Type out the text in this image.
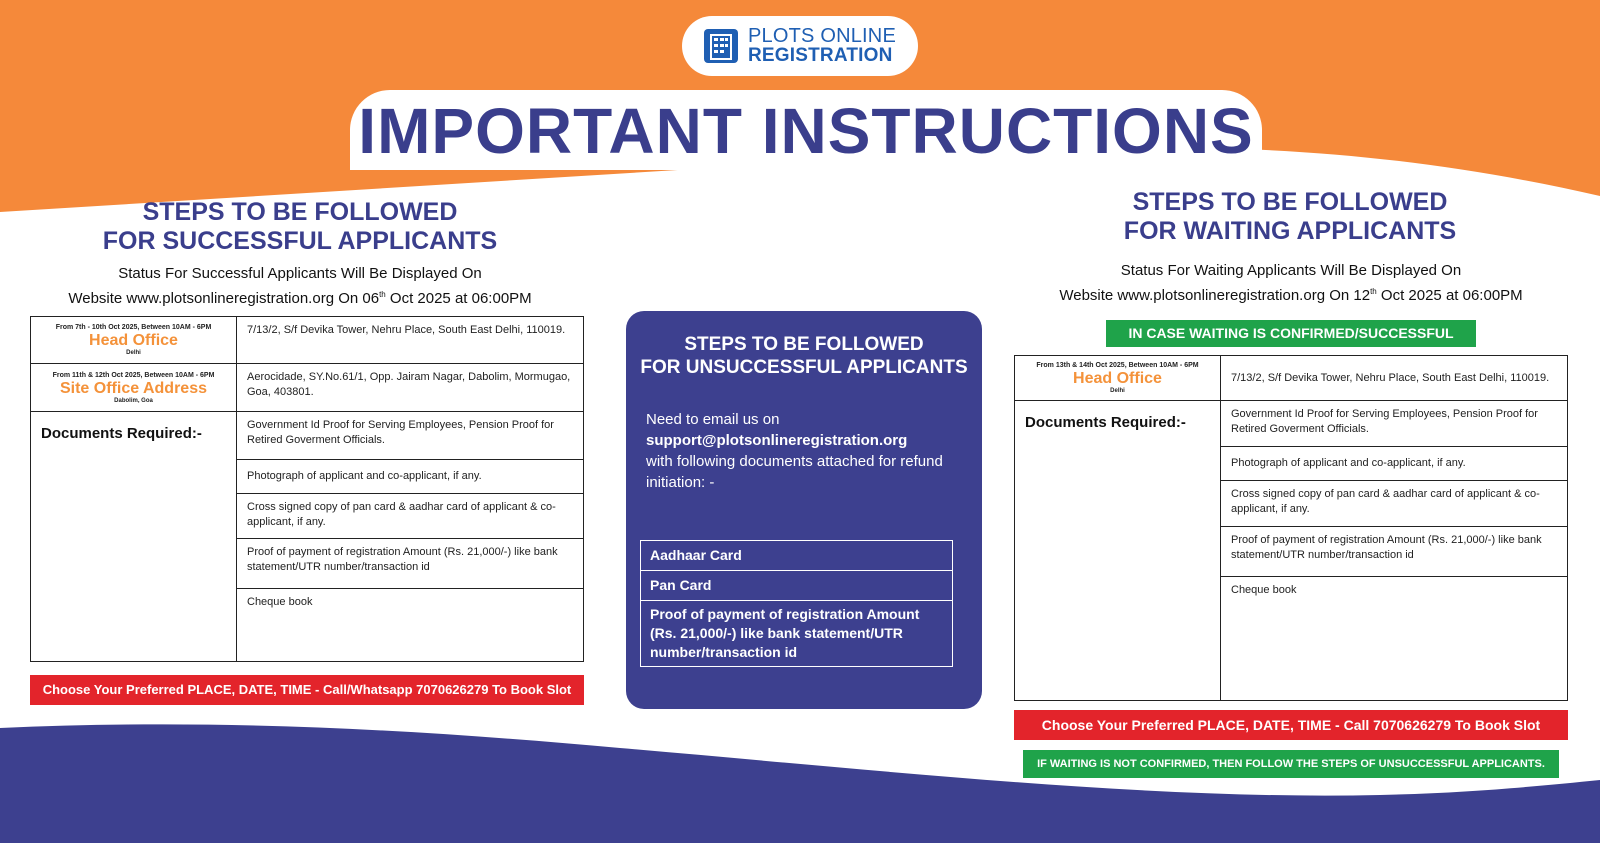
PLOTS ONLINE
REGISTRATION
IMPORTANT INSTRUCTIONS
STEPS TO BE FOLLOWED
FOR SUCCESSFUL APPLICANTS
Status For Successful Applicants Will Be Displayed On
Website www.plotsonlineregistration.org On 06th Oct 2025 at 06:00PM
From 7th - 10th Oct 2025, Between 10AM - 6PM
Head Office
Delhi	7/13/2, S/f Devika Tower, Nehru Place, South East Delhi, 110019.

From 11th & 12th Oct 2025, Between 10AM - 6PM
Site Office Address
Dabolim, Goa	Aerocidade, SY.No.61/1, Opp. Jairam Nagar, Dabolim, Mormugao, Goa, 403801.
Documents Required:-	Government Id Proof for Serving Employees, Pension Proof for Retired Goverment Officials.
	Photograph of applicant and co-applicant, if any.
	Cross signed copy of pan card & aadhar card of applicant & co-applicant, if any.
	Proof of payment of registration Amount (Rs. 21,000/-) like bank statement/UTR number/transaction id
	Cheque book
Choose Your Preferred PLACE, DATE, TIME - Call/Whatsapp 7070626279 To Book Slot
STEPS TO BE FOLLOWED
FOR UNSUCCESSFUL APPLICANTS
Need to email us on
support@plotsonlineregistration.org
with following documents attached for refund initiation: -
Aadhaar Card
Pan Card
Proof of payment of registration Amount (Rs. 21,000/-) like bank statement/UTR number/transaction id
STEPS TO BE FOLLOWED
FOR WAITING APPLICANTS
Status For Waiting Applicants Will Be Displayed On
Website www.plotsonlineregistration.org On 12th Oct 2025 at 06:00PM
IN CASE WAITING IS CONFIRMED/SUCCESSFUL
From 13th & 14th Oct 2025, Between 10AM - 6PM
Head Office
Delhi	7/13/2, S/f Devika Tower, Nehru Place, South East Delhi, 110019.
Documents Required:-	Government Id Proof for Serving Employees, Pension Proof for Retired Goverment Officials.
	Photograph of applicant and co-applicant, if any.
	Cross signed copy of pan card & aadhar card of applicant & co-applicant, if any.
	Proof of payment of registration Amount (Rs. 21,000/-) like bank statement/UTR number/transaction id
	Cheque book
Choose Your Preferred PLACE, DATE, TIME - Call 7070626279 To Book Slot
IF WAITING IS NOT CONFIRMED, THEN FOLLOW THE STEPS OF UNSUCCESSFUL APPLICANTS.
